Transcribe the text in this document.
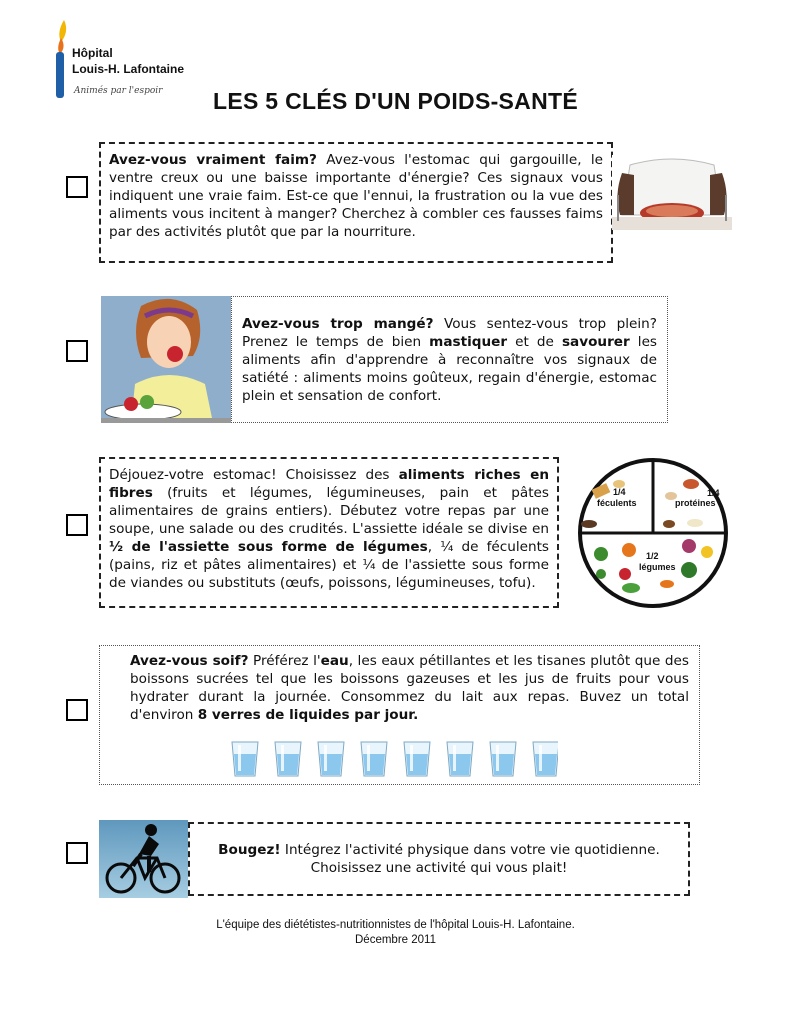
Hôpital
Louis-H. Lafontaine
Animés par l'espoir	LES 5 CLÉS D'UN POIDS-SANTÉ
Avez-vous vraiment faim? Avez-vous l'estomac qui gargouille, le ventre creux ou une baisse importante d'énergie? Ces signaux vous indiquent une vraie faim. Est-ce que l'ennui, la frustration ou la vue des aliments vous incitent à manger? Cherchez à combler ces fausses faims par des activités plutôt que par la nourriture.
Avez-vous trop mangé? Vous sentez-vous trop plein? Prenez le temps de bien mastiquer et de savourer les aliments afin d'apprendre à reconnaître vos signaux de satiété : aliments moins goûteux, regain d'énergie, estomac plein et sensation de confort.
Déjouez-votre estomac! Choisissez des aliments riches en fibres (fruits et légumes, légumineuses, pain et pâtes alimentaires de grains entiers). Débutez votre repas par une soupe, une salade ou des crudités. L'assiette idéale se divise en ½ de l'assiette sous forme de légumes, ¼ de féculents (pains, riz et pâtes alimentaires) et ¼ de l'assiette sous forme de viandes ou substituts (œufs, poissons, légumineuses, tofu).
1/4
féculents
1/4
protéines
1/2
légumes
Avez-vous soif? Préférez l'eau, les eaux pétillantes et les tisanes plutôt que des boissons sucrées tel que les boissons gazeuses et les jus de fruits pour vous hydrater durant la journée. Consommez du lait aux repas. Buvez un total d'environ 8 verres de liquides par jour.
Bougez! Intégrez l'activité physique dans votre vie quotidienne.
Choisissez une activité qui vous plait!
L'équipe des diététistes-nutritionnistes de l'hôpital Louis-H. Lafontaine.
Décembre 2011
